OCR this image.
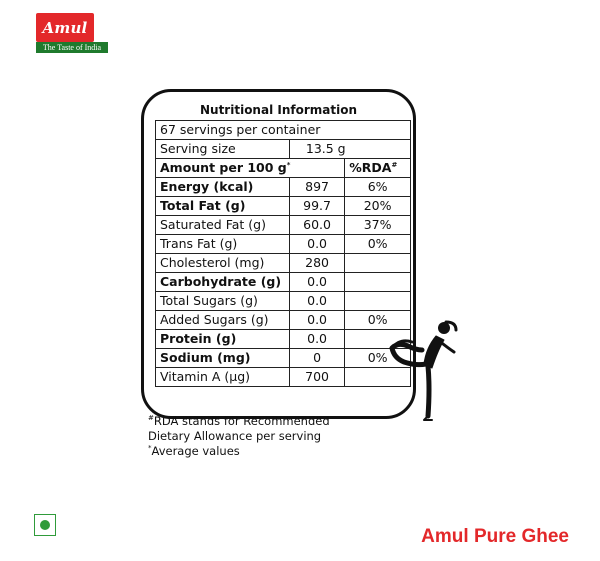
Amul
The Taste of India
Nutritional Information
67 servings per container		
Serving size	13.5 g	
Amount per 100 g*		%RDA#
Energy (kcal)	897	6%
Total Fat (g)	99.7	20%
Saturated Fat (g)	60.0	37%
Trans Fat (g)	0.0	0%
Cholesterol (mg)	280	
Carbohydrate (g)	0.0	
Total Sugars (g)	0.0	
Added Sugars (g)	0.0	0%
Protein (g)	0.0	
Sodium (mg)	0	0%
Vitamin A (µg)	700	
#RDA stands for Recommended
Dietary Allowance per serving
*Average values
Amul Pure Ghee
